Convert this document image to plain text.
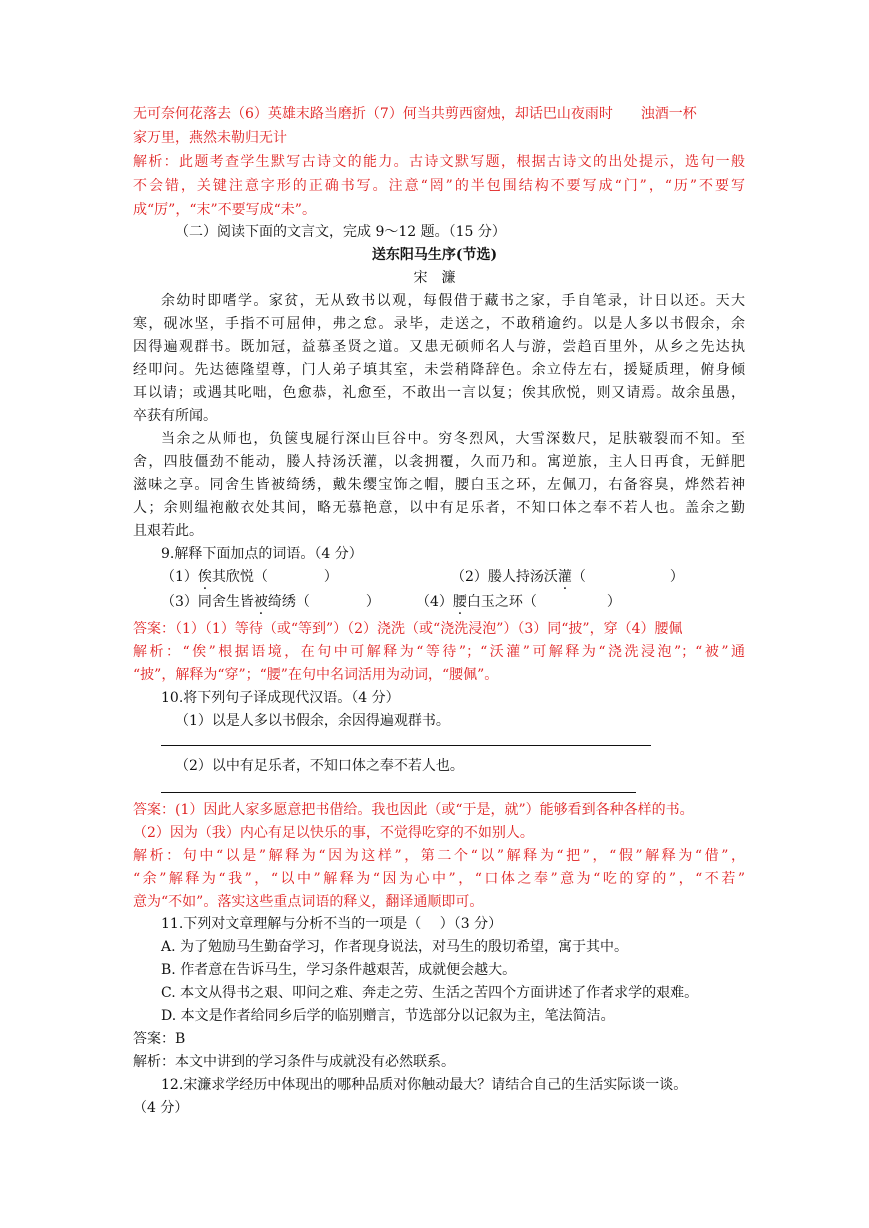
无可奈何花落去（6）英雄末路当磨折（7）何当共剪西窗烛，却话巴山夜雨时　　浊酒一杯
家万里，燕然未勒归无计
解析：此题考查学生默写古诗文的能力。古诗文默写题，根据古诗文的出处提示，选句一般
不会错，关键注意字形的正确书写。注意“罔”的半包围结构不要写成“门”，“历”不要写
成“厉”，“末”不要写成“未”。
（二）阅读下面的文言文，完成 9～12 题。（15 分）
送东阳马生序(节选)
宋　濂
余幼时即嗜学。家贫，无从致书以观，每假借于藏书之家，手自笔录，计日以还。天大
寒，砚冰坚，手指不可屈伸，弗之怠。录毕，走送之，不敢稍逾约。以是人多以书假余，余
因得遍观群书。既加冠，益慕圣贤之道。又患无硕师名人与游，尝趋百里外，从乡之先达执
经叩问。先达德隆望尊，门人弟子填其室，未尝稍降辞色。余立侍左右，援疑质理，俯身倾
耳以请；或遇其叱咄，色愈恭，礼愈至，不敢出一言以复；俟其欣悦，则又请焉。故余虽愚，
卒获有所闻。
当余之从师也，负箧曳屣行深山巨谷中。穷冬烈风，大雪深数尺，足肤皲裂而不知。至
舍，四肢僵劲不能动，媵人持汤沃灌，以衾拥覆，久而乃和。寓逆旅，主人日再食，无鲜肥
滋味之享。同舍生皆被绮绣，戴朱缨宝饰之帽，腰白玉之环，左佩刀，右备容臭，烨然若神
人；余则缊袍敝衣处其间，略无慕艳意，以中有足乐者，不知口体之奉不若人也。盖余之勤
且艰若此。
9.解释下面加点的词语。（4 分）
（1）俟其欣悦（　　　　）	（2）媵人持汤沃灌（　　　　　　）
（3）同舍生皆被绮绣（　　　　）	（4）腰白玉之环（　　　　　）
答案：（1）（1）等待（或“等到”）（2）浇洗（或“浇洗浸泡”）（3）同“披”，穿（4）腰佩
解析：“俟”根据语境，在句中可解释为“等待”；“沃灌”可解释为“浇洗浸泡”；“被”通
“披”，解释为“穿”；“腰”在句中名词活用为动词，“腰佩”。
10.将下列句子译成现代汉语。（4 分）
（1）以是人多以书假余，余因得遍观群书。
（2）以中有足乐者，不知口体之奉不若人也。
答案：(1）因此人家多愿意把书借给。我也因此（或“于是，就”）能够看到各种各样的书。
（2）因为（我）内心有足以快乐的事，不觉得吃穿的不如别人。
解析：句中“以是”解释为“因为这样”，第二个“以”解释为“把”，“假”解释为“借”，
“余”解释为“我”，“以中”解释为“因为心中”，“口体之奉”意为“吃的穿的”，“不若”
意为“不如”。落实这些重点词语的释义，翻译通顺即可。
11.下列对文章理解与分析不当的一项是（　 ）（3 分）
A. 为了勉励马生勤奋学习，作者现身说法，对马生的殷切希望，寓于其中。
B. 作者意在告诉马生，学习条件越艰苦，成就便会越大。
C. 本文从得书之艰、叩问之难、奔走之劳、生活之苦四个方面讲述了作者求学的艰难。
D. 本文是作者给同乡后学的临别赠言，节选部分以记叙为主，笔法简洁。
答案：B
解析：本文中讲到的学习条件与成就没有必然联系。
12.宋濂求学经历中体现出的哪种品质对你触动最大？请结合自己的生活实际谈一谈。
（4 分）
